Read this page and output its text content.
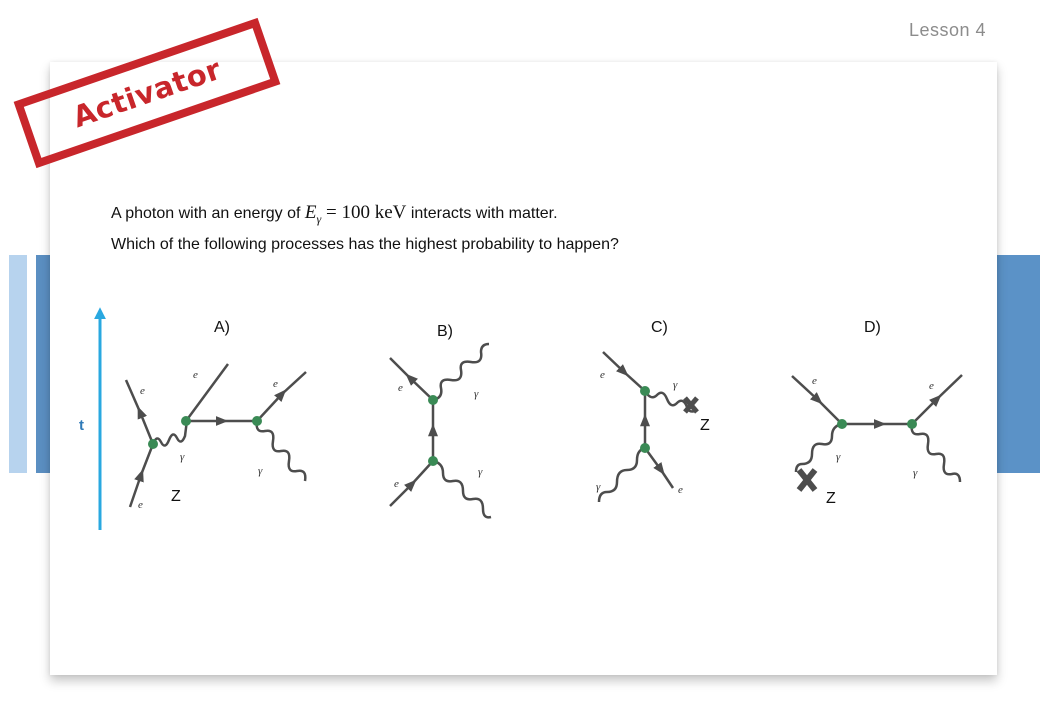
Lesson 4
Activator
A photon with an energy of $E_\gamma = 100$ keV interacts with matter.
Which of the following processes has the highest probability to happen?
t
A)	B)	C)	D)
Z
Z
Z
e
e
e
e
γ
γ
e
e
γ
γ
e
e
γ
γ
e	e
γ
γ
